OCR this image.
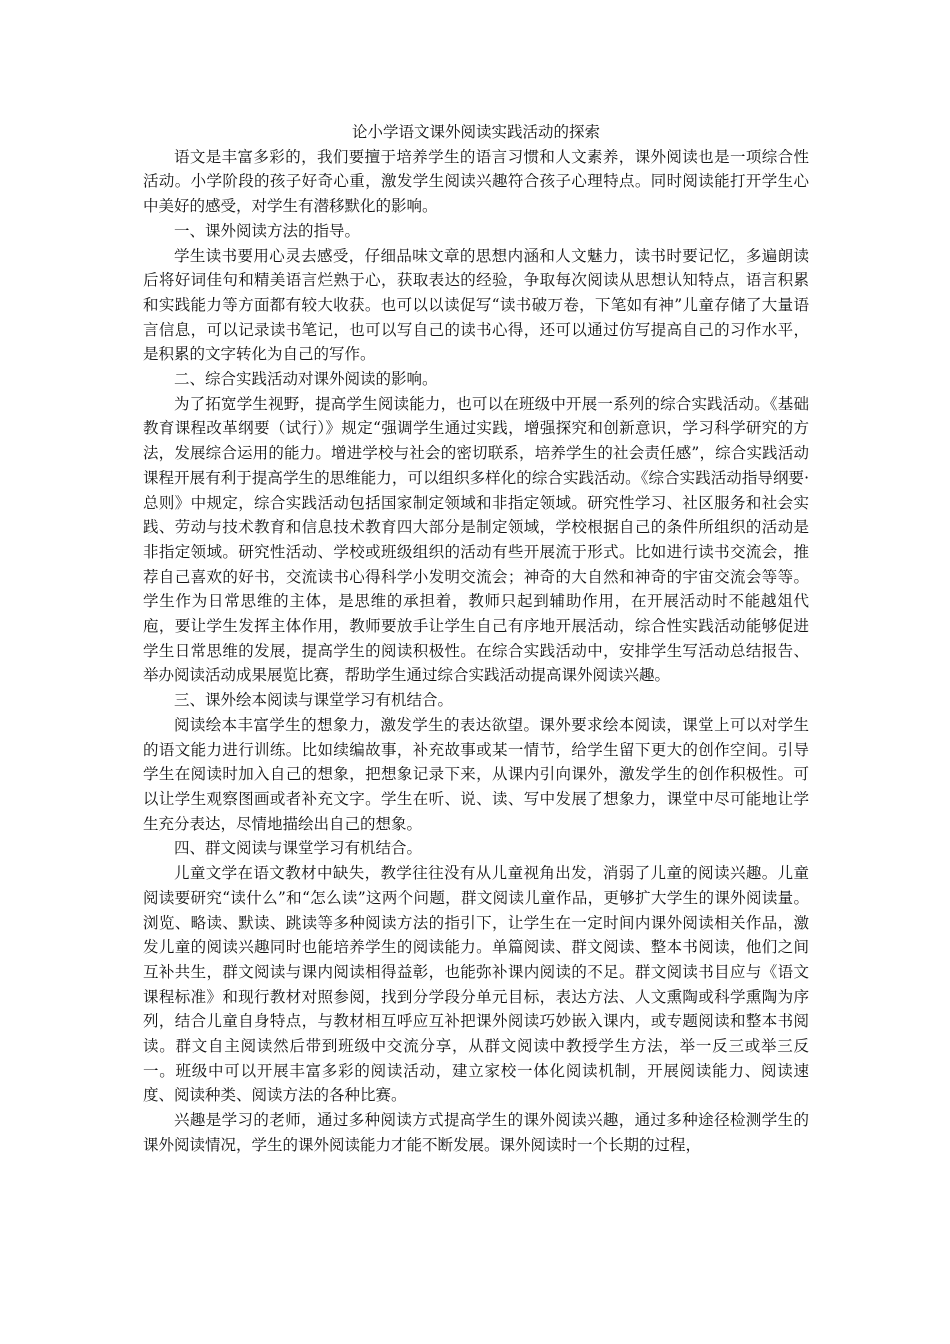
论小学语文课外阅读实践活动的探索

语文是丰富多彩的，我们要擅于培养学生的语言习惯和人文素养，课外阅读也是一项综合性活动。小学阶段的孩子好奇心重，激发学生阅读兴趣符合孩子心理特点。同时阅读能打开学生心中美好的感受，对学生有潜移默化的影响。

一、课外阅读方法的指导。

学生读书要用心灵去感受，仔细品味文章的思想内涵和人文魅力，读书时要记忆，多遍朗读后将好词佳句和精美语言烂熟于心，获取表达的经验，争取每次阅读从思想认知特点，语言积累和实践能力等方面都有较大收获。也可以以读促写“读书破万卷，下笔如有神”儿童存储了大量语言信息，可以记录读书笔记，也可以写自己的读书心得，还可以通过仿写提高自己的习作水平，是积累的文字转化为自己的写作。

二、综合实践活动对课外阅读的影响。

为了拓宽学生视野，提高学生阅读能力，也可以在班级中开展一系列的综合实践活动。《基础教育课程改革纲要（试行）》规定“强调学生通过实践，增强探究和创新意识，学习科学研究的方法，发展综合运用的能力。增进学校与社会的密切联系，培养学生的社会责任感”，综合实践活动课程开展有利于提高学生的思维能力，可以组织多样化的综合实践活动。《综合实践活动指导纲要·总则》中规定，综合实践活动包括国家制定领域和非指定领域。研究性学习、社区服务和社会实践、劳动与技术教育和信息技术教育四大部分是制定领域，学校根据自己的条件所组织的活动是非指定领域。研究性活动、学校或班级组织的活动有些开展流于形式。比如进行读书交流会，推荐自己喜欢的好书，交流读书心得科学小发明交流会；神奇的大自然和神奇的宇宙交流会等等。学生作为日常思维的主体，是思维的承担着，教师只起到辅助作用，在开展活动时不能越俎代庖，要让学生发挥主体作用，教师要放手让学生自己有序地开展活动，综合性实践活动能够促进学生日常思维的发展，提高学生的阅读积极性。在综合实践活动中，安排学生写活动总结报告、举办阅读活动成果展览比赛，帮助学生通过综合实践活动提高课外阅读兴趣。

三、课外绘本阅读与课堂学习有机结合。

阅读绘本丰富学生的想象力，激发学生的表达欲望。课外要求绘本阅读，课堂上可以对学生的语文能力进行训练。比如续编故事，补充故事或某一情节，给学生留下更大的创作空间。引导学生在阅读时加入自己的想象，把想象记录下来，从课内引向课外，激发学生的创作积极性。可以让学生观察图画或者补充文字。学生在听、说、读、写中发展了想象力，课堂中尽可能地让学生充分表达，尽情地描绘出自己的想象。

四、群文阅读与课堂学习有机结合。

儿童文学在语文教材中缺失，教学往往没有从儿童视角出发，消弱了儿童的阅读兴趣。儿童阅读要研究“读什么”和“怎么读”这两个问题，群文阅读儿童作品，更够扩大学生的课外阅读量。浏览、略读、默读、跳读等多种阅读方法的指引下，让学生在一定时间内课外阅读相关作品，激发儿童的阅读兴趣同时也能培养学生的阅读能力。单篇阅读、群文阅读、整本书阅读，他们之间互补共生，群文阅读与课内阅读相得益彰，也能弥补课内阅读的不足。群文阅读书目应与《语文课程标准》和现行教材对照参阅，找到分学段分单元目标，表达方法、人文熏陶或科学熏陶为序列，结合儿童自身特点，与教材相互呼应互补把课外阅读巧妙嵌入课内，或专题阅读和整本书阅读。群文自主阅读然后带到班级中交流分享，从群文阅读中教授学生方法，举一反三或举三反一。班级中可以开展丰富多彩的阅读活动，建立家校一体化阅读机制，开展阅读能力、阅读速度、阅读种类、阅读方法的各种比赛。

兴趣是学习的老师，通过多种阅读方式提高学生的课外阅读兴趣，通过多种途径检测学生的课外阅读情况，学生的课外阅读能力才能不断发展。课外阅读时一个长期的过程，
